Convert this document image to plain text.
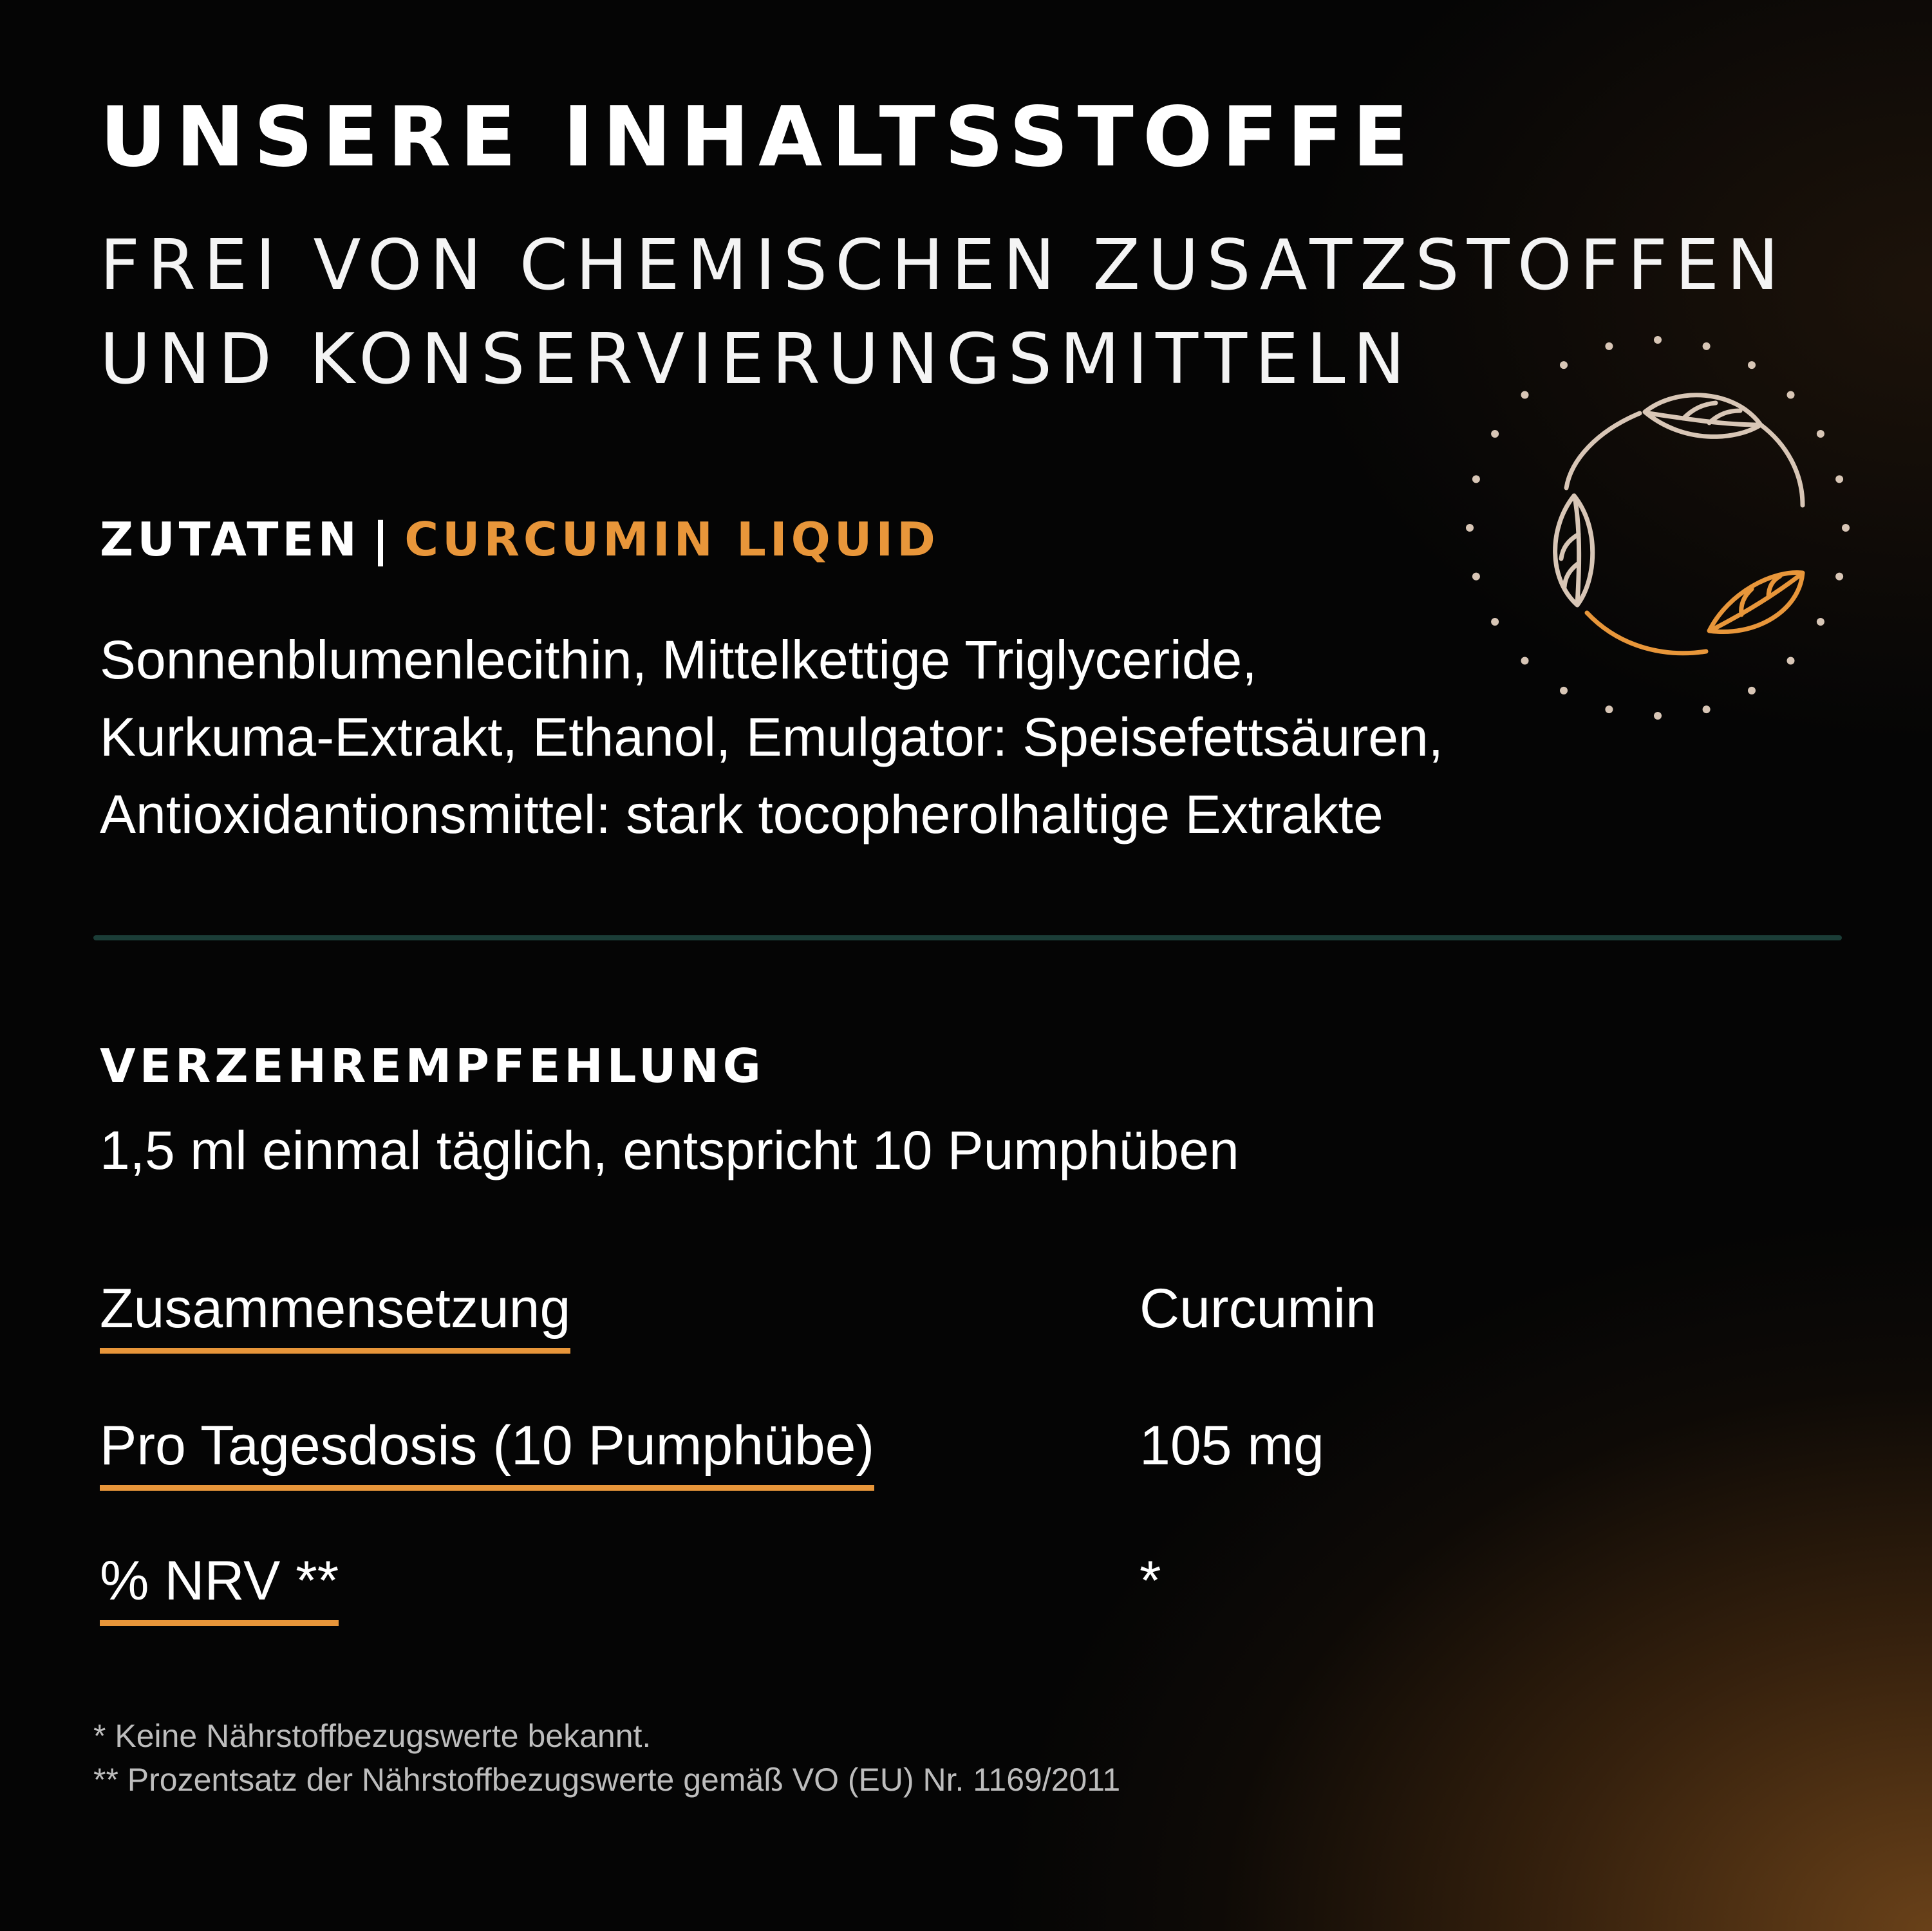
UNSERE INHALTSSTOFFE
FREI VON CHEMISCHEN ZUSATZSTOFFEN
UND KONSERVIERUNGSMITTELN
ZUTATEN | CURCUMIN LIQUID
Sonnenblumenlecithin, Mittelkettige Triglyceride,
Kurkuma-Extrakt, Ethanol, Emulgator: Speisefettsäuren,
Antioxidantionsmittel: stark tocopherolhaltige Extrakte
VERZEHREMPFEHLUNG
1,5 ml einmal täglich, entspricht 10 Pumphüben
Zusammensetzung	Curcumin
Pro Tagesdosis (10 Pumphübe)	105 mg
% NRV **	*
* Keine Nährstoffbezugswerte bekannt.
** Prozentsatz der Nährstoffbezugswerte gemäß VO (EU) Nr. 1169/2011
